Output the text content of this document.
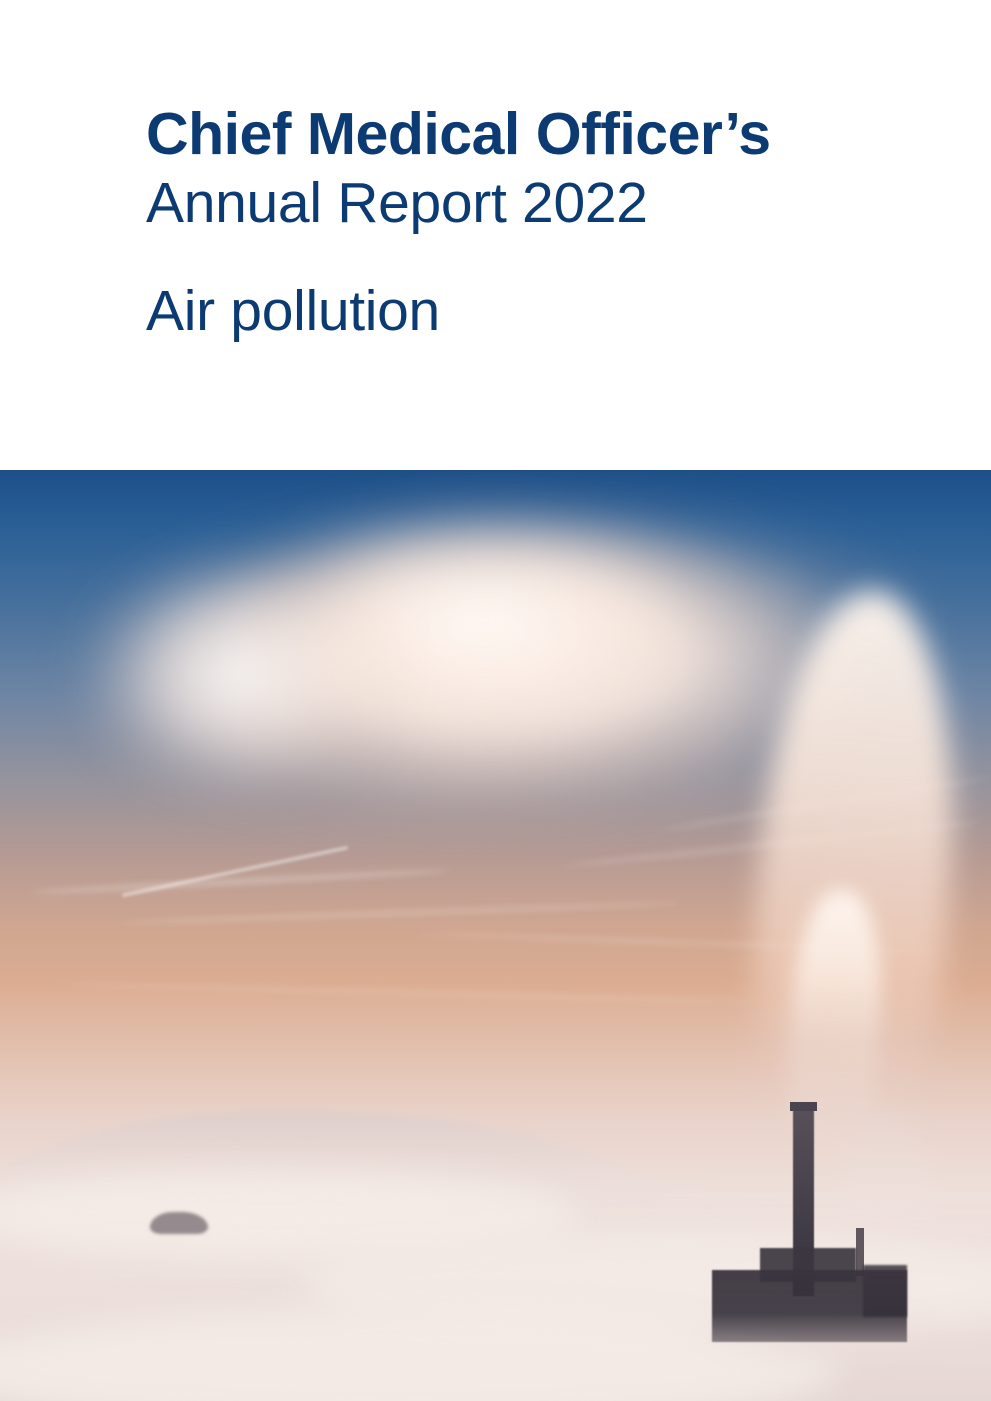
Chief Medical Officer’s
Annual Report 2022
Air pollution
